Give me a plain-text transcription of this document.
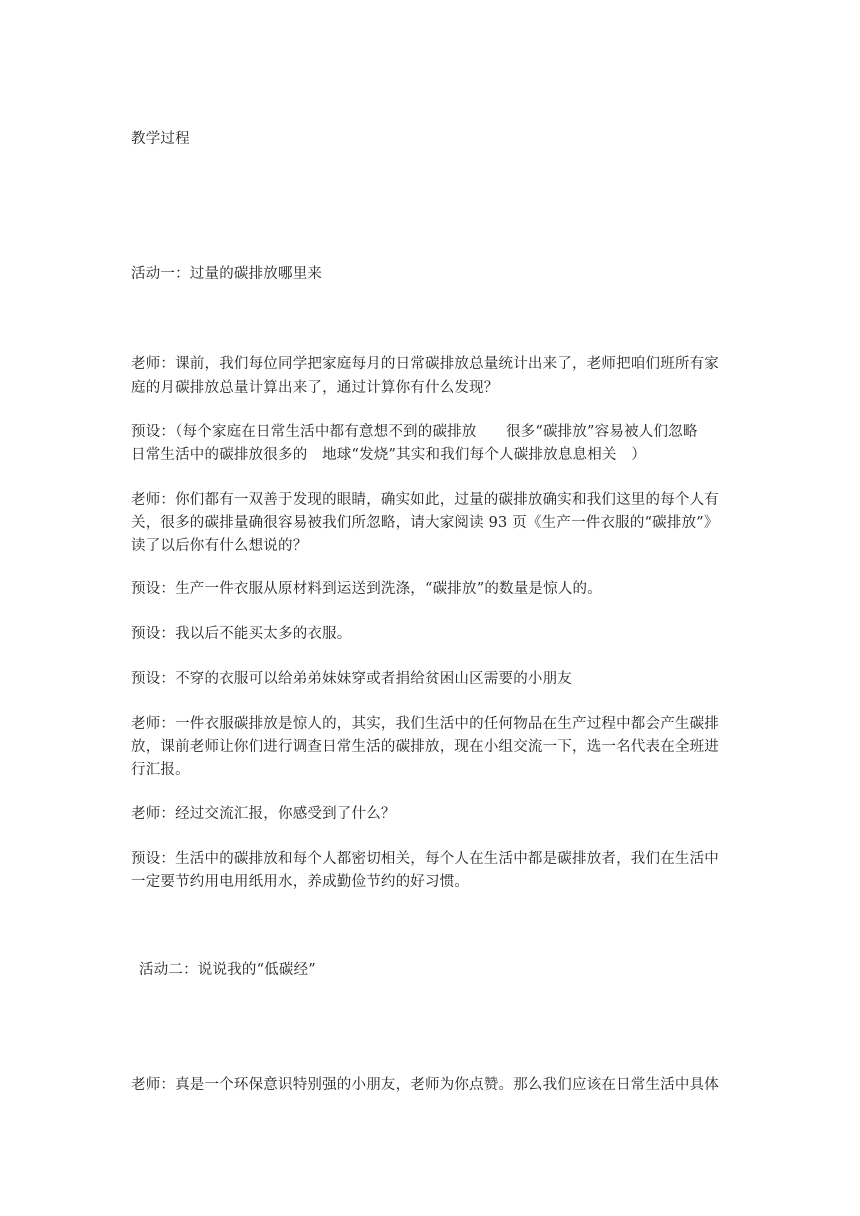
教学过程
活动一：过量的碳排放哪里来
老师：课前，我们每位同学把家庭每月的日常碳排放总量统计出来了，老师把咱们班所有家
庭的月碳排放总量计算出来了，通过计算你有什么发现？
预设：（每个家庭在日常生活中都有意想不到的碳排放　　很多“碳排放”容易被人们忽略
日常生活中的碳排放很多的　地球“发烧”其实和我们每个人碳排放息息相关　）
老师：你们都有一双善于发现的眼睛，确实如此，过量的碳排放确实和我们这里的每个人有
关，很多的碳排量确很容易被我们所忽略，请大家阅读 93 页《生产一件衣服的“碳排放”》
读了以后你有什么想说的？
预设：生产一件衣服从原材料到运送到洗涤，“碳排放”的数量是惊人的。
预设：我以后不能买太多的衣服。
预设：不穿的衣服可以给弟弟妹妹穿或者捐给贫困山区需要的小朋友
老师：一件衣服碳排放是惊人的，其实，我们生活中的任何物品在生产过程中都会产生碳排
放，课前老师让你们进行调查日常生活的碳排放，现在小组交流一下，选一名代表在全班进
行汇报。
老师：经过交流汇报，你感受到了什么？
预设：生活中的碳排放和每个人都密切相关，每个人在生活中都是碳排放者，我们在生活中
一定要节约用电用纸用水，养成勤俭节约的好习惯。
活动二：说说我的“低碳经”
老师：真是一个环保意识特别强的小朋友，老师为你点赞。那么我们应该在日常生活中具体
